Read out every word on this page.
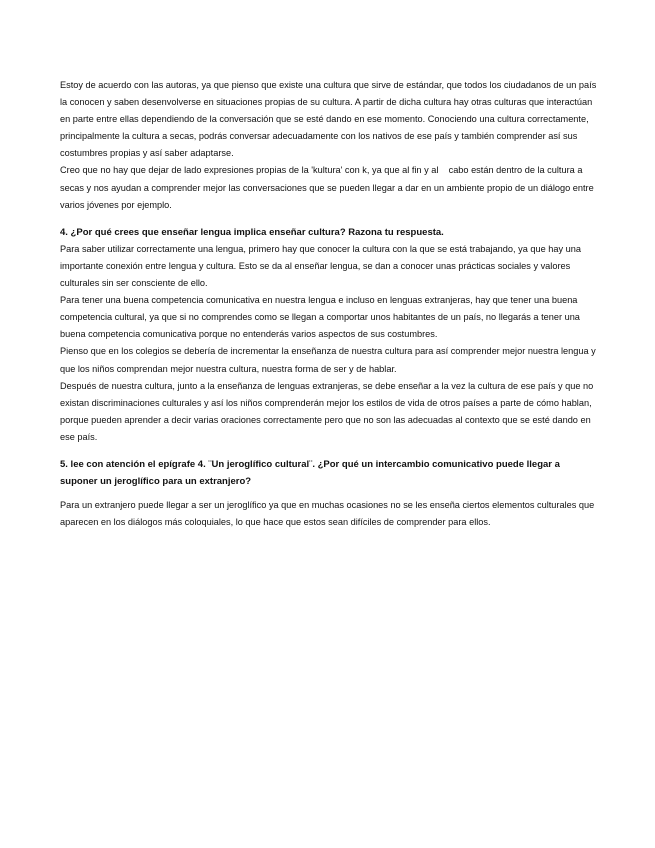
Estoy de acuerdo con las autoras, ya que pienso que existe una cultura que sirve de estándar, que todos los ciudadanos de un país la conocen y saben desenvolverse en situaciones propias de su cultura. A partir de dicha cultura hay otras culturas que interactúan en parte entre ellas dependiendo de la conversación que se esté dando en ese momento. Conociendo una cultura correctamente, principalmente la cultura a secas, podrás conversar adecuadamente con los nativos de ese país y también comprender así sus costumbres propias y así saber adaptarse.

Creo que no hay que dejar de lado expresiones propias de la 'kultura' con k, ya que al fin y al    cabo están dentro de la cultura a secas y nos ayudan a comprender mejor las conversaciones que se pueden llegar a dar en un ambiente propio de un diálogo entre varios jóvenes por ejemplo.

4. ¿Por qué crees que enseñar lengua implica enseñar cultura? Razona tu respuesta.

Para saber utilizar correctamente una lengua, primero hay que conocer la cultura con la que se está trabajando, ya que hay una importante conexión entre lengua y cultura. Esto se da al enseñar lengua, se dan a conocer unas prácticas sociales y valores culturales sin ser consciente de ello.

Para tener una buena competencia comunicativa en nuestra lengua e incluso en lenguas extranjeras, hay que tener una buena competencia cultural, ya que si no comprendes como se llegan a comportar unos habitantes de un país, no llegarás a tener una buena competencia comunicativa porque no entenderás varios aspectos de sus costumbres.

Pienso que en los colegios se debería de incrementar la enseñanza de nuestra cultura para así comprender mejor nuestra lengua y que los niños comprendan mejor nuestra cultura, nuestra forma de ser y de hablar.

Después de nuestra cultura, junto a la enseñanza de lenguas extranjeras, se debe enseñar a la vez la cultura de ese país y que no existan discriminaciones culturales y así los niños comprenderán mejor los estilos de vida de otros países a parte de cómo hablan, porque pueden aprender a decir varias oraciones correctamente pero que no son las adecuadas al contexto que se esté dando en ese país.

5. lee con atención el epígrafe 4. ¨Un jeroglífico cultural¨. ¿Por qué un intercambio comunicativo puede llegar a suponer un jeroglífico para un extranjero?

Para un extranjero puede llegar a ser un jeroglífico ya que en muchas ocasiones no se les enseña ciertos elementos culturales que aparecen en los diálogos más coloquiales, lo que hace que estos sean difíciles de comprender para ellos.
